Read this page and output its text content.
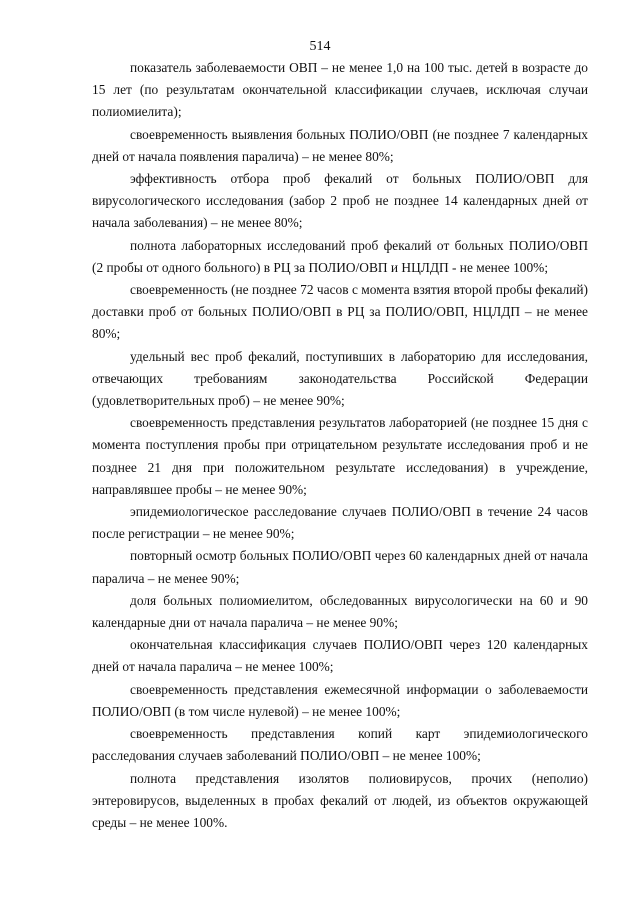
514

показатель заболеваемости ОВП – не менее 1,0 на 100 тыс. детей в возрасте до 15 лет (по результатам окончательной классификации случаев, исключая случаи полиомиелита);

своевременность выявления больных ПОЛИО/ОВП (не позднее 7 календарных дней от начала появления паралича) – не менее 80%;

эффективность отбора проб фекалий от больных ПОЛИО/ОВП для вирусологического исследования (забор 2 проб не позднее 14 календарных дней от начала заболевания) – не менее 80%;

полнота лабораторных исследований проб фекалий от больных ПОЛИО/ОВП (2 пробы от одного больного) в РЦ за ПОЛИО/ОВП и НЦЛДП - не менее 100%;

своевременность (не позднее 72 часов с момента взятия второй пробы фекалий) доставки проб от больных ПОЛИО/ОВП в РЦ за ПОЛИО/ОВП, НЦЛДП – не менее 80%;

удельный вес проб фекалий, поступивших в лабораторию для исследования, отвечающих требованиям законодательства Российской Федерации (удовлетворительных проб) – не менее 90%;

своевременность представления результатов лабораторией (не позднее 15 дня с момента поступления пробы при отрицательном результате исследования проб и не позднее 21 дня при положительном результате исследования) в учреждение, направлявшее пробы – не менее 90%;

эпидемиологическое расследование случаев ПОЛИО/ОВП в течение 24 часов после регистрации – не менее 90%;

повторный осмотр больных ПОЛИО/ОВП через 60 календарных дней от начала паралича – не менее 90%;

доля больных полиомиелитом, обследованных вирусологически на 60 и 90 календарные дни от начала паралича – не менее 90%;

окончательная классификация случаев ПОЛИО/ОВП через 120 календарных дней от начала паралича – не менее 100%;

своевременность представления ежемесячной информации о заболеваемости ПОЛИО/ОВП (в том числе нулевой) – не менее 100%;

своевременность представления копий карт эпидемиологического расследования случаев заболеваний ПОЛИО/ОВП – не менее 100%;

полнота представления изолятов полиовирусов, прочих (неполио) энтеровирусов, выделенных в пробах фекалий от людей, из объектов окружающей среды – не менее 100%.
